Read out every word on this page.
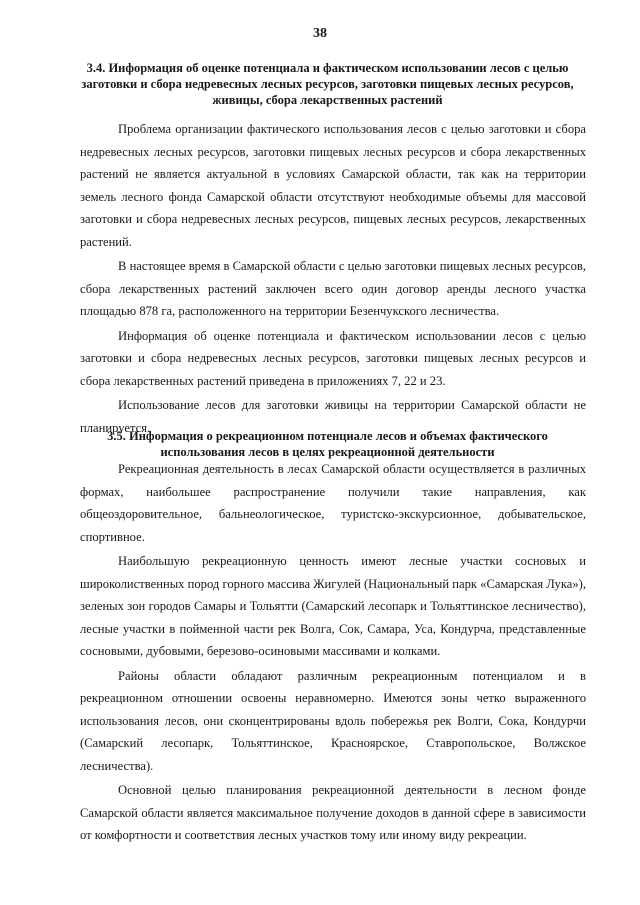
38
3.4. Информация об оценке потенциала и фактическом использовании лесов с целью заготовки и сбора недревесных лесных ресурсов, заготовки пищевых лесных ресурсов, живицы, сбора лекарственных растений

Проблема организации фактического использования лесов с целью заготовки и сбора недревесных лесных ресурсов, заготовки пищевых лесных ресурсов и сбора лекарственных растений не является актуальной в условиях Самарской области, так как на территории земель лесного фонда Самарской области отсутствуют необходимые объемы для массовой заготовки и сбора недревесных лесных ресурсов, пищевых лесных ресурсов, лекарственных растений.

В настоящее время в Самарской области с целью заготовки пищевых лесных ресурсов, сбора лекарственных растений заключен всего один договор аренды лесного участка площадью 878 га, расположенного на территории Безенчукского лесничества.

Информация об оценке потенциала и фактическом использовании лесов с целью заготовки и сбора недревесных лесных ресурсов, заготовки пищевых лесных ресурсов и сбора лекарственных растений приведена в приложениях 7, 22 и 23.

Использование лесов для заготовки живицы на территории Самарской области не планируется.

3.5. Информация о рекреационном потенциале лесов и объемах фактического использования лесов в целях рекреационной деятельности

Рекреационная деятельность в лесах Самарской области осуществляется в различных формах, наибольшее распространение получили такие направления, как общеоздоровительное, бальнеологическое, туристско-экскурсионное, добывательское, спортивное.

Наибольшую рекреационную ценность имеют лесные участки сосновых и широколиственных пород горного массива Жигулей (Национальный парк «Самарская Лука»), зеленых зон городов Самары и Тольятти (Самарский лесопарк и Тольяттинское лесничество), лесные участки в пойменной части рек Волга, Сок, Самара, Уса, Кондурча, представленные сосновыми, дубовыми, березово-осиновыми массивами и колками.

Районы области обладают различным рекреационным потенциалом и в рекреационном отношении освоены неравномерно. Имеются зоны четко выраженного использования лесов, они сконцентрированы вдоль побережья рек Волги, Сока, Кондурчи (Самарский лесопарк, Тольяттинское, Красноярское, Ставропольское, Волжское лесничества).

Основной целью планирования рекреационной деятельности в лесном фонде Самарской области является максимальное получение доходов в данной сфере в зависимости от комфортности и соответствия лесных участков тому или иному виду рекреации.
